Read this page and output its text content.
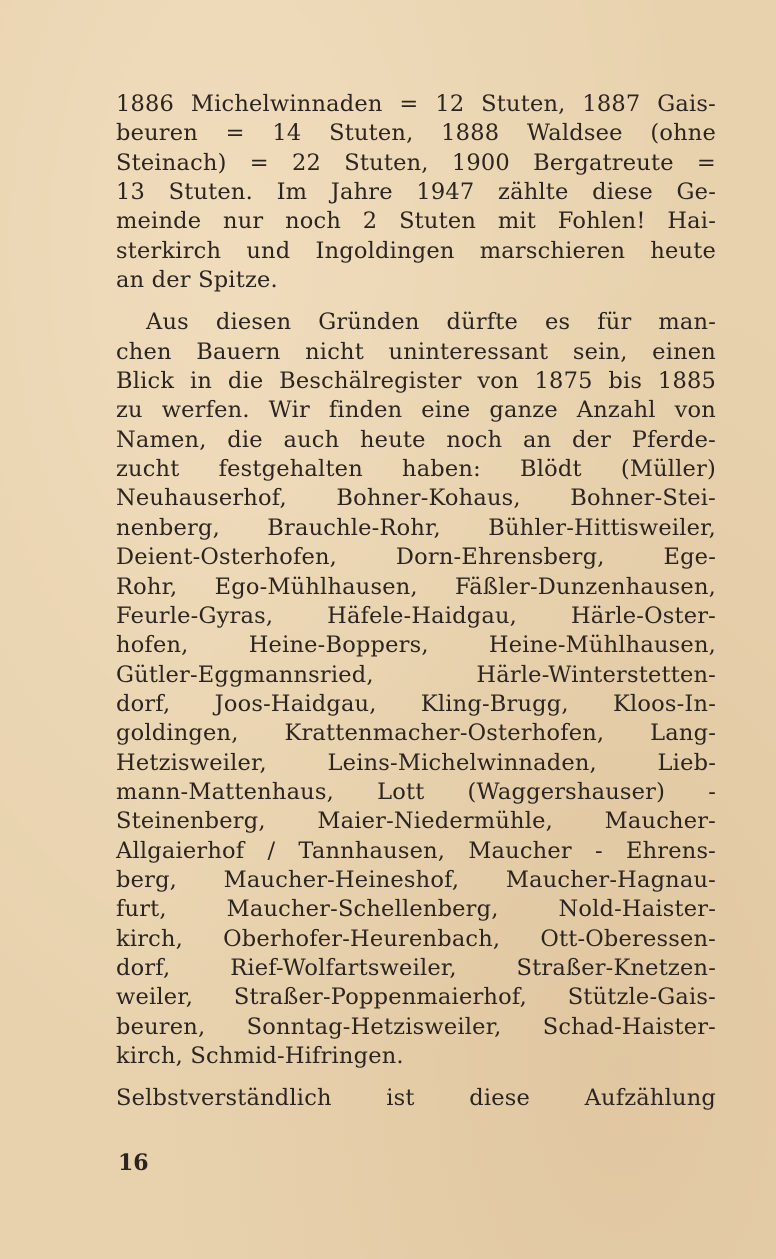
1886 Michelwinnaden = 12 Stuten, 1887 Gais-
beuren = 14 Stuten, 1888 Waldsee (ohne
Steinach) = 22 Stuten, 1900 Bergatreute =
13 Stuten. Im Jahre 1947 zählte diese Ge-
meinde nur noch 2 Stuten mit Fohlen! Hai-
sterkirch und Ingoldingen marschieren heute
an der Spitze.
Aus diesen Gründen dürfte es für man-
chen Bauern nicht uninteressant sein, einen
Blick in die Beschälregister von 1875 bis 1885
zu werfen. Wir finden eine ganze Anzahl von
Namen, die auch heute noch an der Pferde-
zucht festgehalten haben: Blödt (Müller)
Neuhauserhof, Bohner-Kohaus, Bohner-Stei-
nenberg, Brauchle-Rohr, Bühler-Hittisweiler,
Deient-Osterhofen, Dorn-Ehrensberg, Ege-
Rohr, Ego-Mühlhausen, Fäßler-Dunzenhausen,
Feurle-Gyras, Häfele-Haidgau, Härle-Oster-
hofen, Heine-Boppers, Heine-Mühlhausen,
Gütler-Eggmannsried, Härle-Winterstetten-
dorf, Joos-Haidgau, Kling-Brugg, Kloos-In-
goldingen, Krattenmacher-Osterhofen, Lang-
Hetzisweiler, Leins-Michelwinnaden, Lieb-
mann-Mattenhaus, Lott (Waggershauser) -
Steinenberg, Maier-Niedermühle, Maucher-
Allgaierhof / Tannhausen, Maucher - Ehrens-
berg, Maucher-Heineshof, Maucher-Hagnau-
furt, Maucher-Schellenberg, Nold-Haister-
kirch, Oberhofer-Heurenbach, Ott-Oberessen-
dorf, Rief-Wolfartsweiler, Straßer-Knetzen-
weiler, Straßer-Poppenmaierhof, Stützle-Gais-
beuren, Sonntag-Hetzisweiler, Schad-Haister-
kirch, Schmid-Hifringen.
Selbstverständlich ist diese Aufzählung
16
